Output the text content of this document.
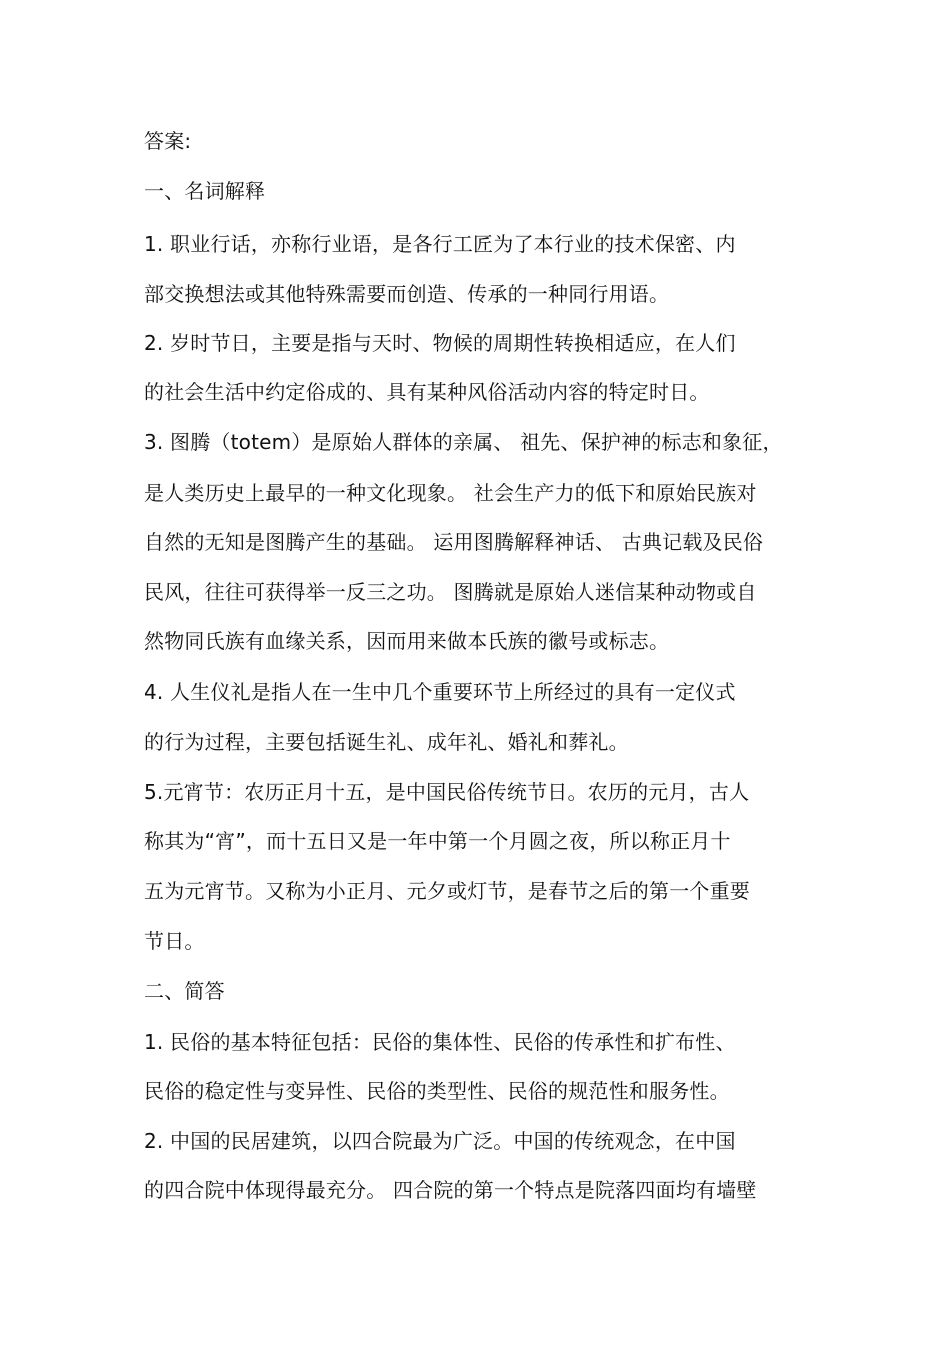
答案:
一、名词解释
1. 职业行话，亦称行业语，是各行工匠为了本行业的技术保密、内
部交换想法或其他特殊需要而创造、传承的一种同行用语。
2. 岁时节日，主要是指与天时、物候的周期性转换相适应，在人们
的社会生活中约定俗成的、具有某种风俗活动内容的特定时日。
3. 图腾（totem）是原始人群体的亲属、 祖先、保护神的标志和象征，
是人类历史上最早的一种文化现象。 社会生产力的低下和原始民族对
自然的无知是图腾产生的基础。 运用图腾解释神话、 古典记载及民俗
民风，往往可获得举一反三之功。 图腾就是原始人迷信某种动物或自
然物同氏族有血缘关系，因而用来做本氏族的徽号或标志。
4. 人生仪礼是指人在一生中几个重要环节上所经过的具有一定仪式
的行为过程，主要包括诞生礼、成年礼、婚礼和葬礼。
5.元宵节：农历正月十五，是中国民俗传统节日。农历的元月，古人
称其为“宵”，而十五日又是一年中第一个月圆之夜，所以称正月十
五为元宵节。又称为小正月、元夕或灯节，是春节之后的第一个重要
节日。
二、简答
1. 民俗的基本特征包括：民俗的集体性、民俗的传承性和扩布性、
民俗的稳定性与变异性、民俗的类型性、民俗的规范性和服务性。
2. 中国的民居建筑，以四合院最为广泛。中国的传统观念，在中国
的四合院中体现得最充分。 四合院的第一个特点是院落四面均有墙壁
